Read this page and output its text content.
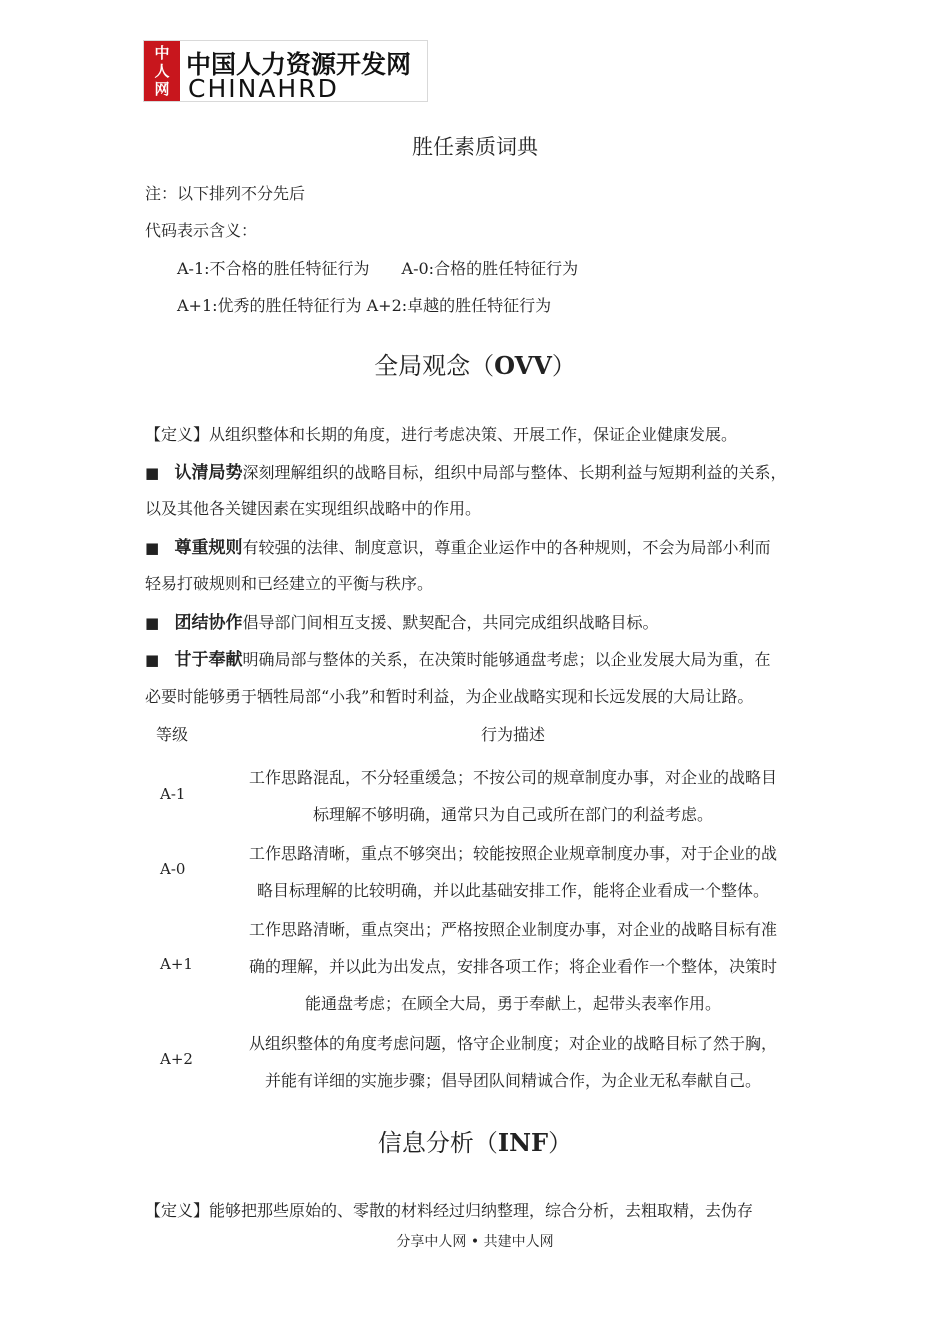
中
人
网
中国人力资源开发网
CHINAHRD
胜任素质词典
注：以下排列不分先后
代码表示含义：
A-1:不合格的胜任特征行为　　A-0:合格的胜任特征行为
A+1:优秀的胜任特征行为 A+2:卓越的胜任特征行为
全局观念（OVV）
【定义】从组织整体和长期的角度，进行考虑决策、开展工作，保证企业健康发展。
■ 认清局势深刻理解组织的战略目标，组织中局部与整体、长期利益与短期利益的关系，
以及其他各关键因素在实现组织战略中的作用。
■ 尊重规则有较强的法律、制度意识，尊重企业运作中的各种规则，不会为局部小利而
轻易打破规则和已经建立的平衡与秩序。
■ 团结协作倡导部门间相互支援、默契配合，共同完成组织战略目标。
■ 甘于奉献明确局部与整体的关系，在决策时能够通盘考虑；以企业发展大局为重，在
必要时能够勇于牺牲局部“小我”和暂时利益，为企业战略实现和长远发展的大局让路。
等级	行为描述
A-1
工作思路混乱，不分轻重缓急；不按公司的规章制度办事，对企业的战略目
标理解不够明确，通常只为自己或所在部门的利益考虑。
A-0
工作思路清晰，重点不够突出；较能按照企业规章制度办事，对于企业的战
略目标理解的比较明确，并以此基础安排工作，能将企业看成一个整体。
A+1
工作思路清晰，重点突出；严格按照企业制度办事，对企业的战略目标有准
确的理解，并以此为出发点，安排各项工作；将企业看作一个整体，决策时
能通盘考虑；在顾全大局，勇于奉献上，起带头表率作用。
A+2
从组织整体的角度考虑问题，恪守企业制度；对企业的战略目标了然于胸，
并能有详细的实施步骤；倡导团队间精诚合作，为企业无私奉献自己。
信息分析（INF）
【定义】能够把那些原始的、零散的材料经过归纳整理，综合分析，去粗取精，去伪存
分享中人网 • 共建中人网
